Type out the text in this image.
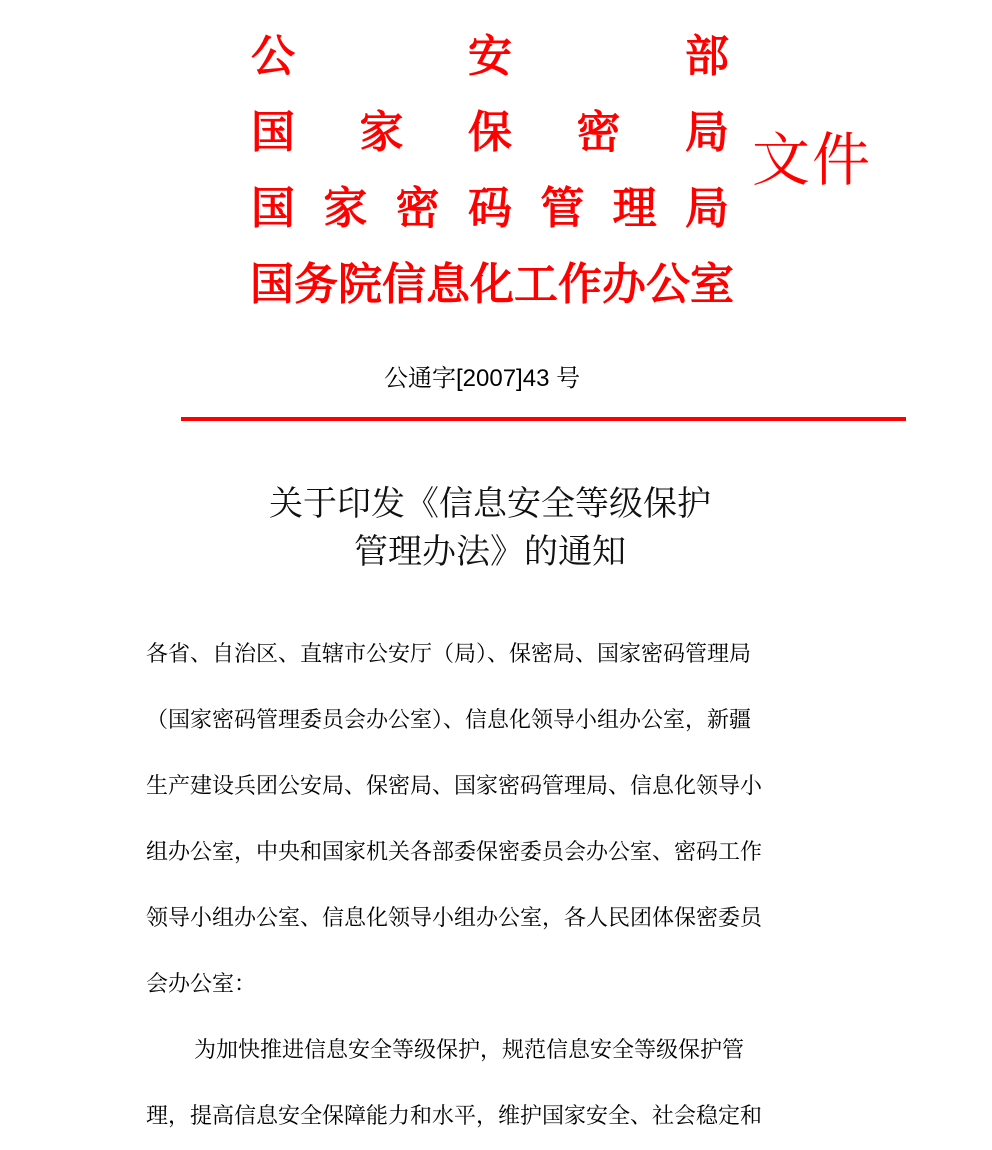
公	安	部
国 家 保 密 局
国 家 密 码 管 理 局
国 务 院 信 息 化 工 作 办 公 室
文件
公通字[2007]43 号
关于印发《信息安全等级保护
管理办法》的通知
各省、自治区、直辖市公安厅（局）、保密局、国家密码管理局
（国家密码管理委员会办公室）、信息化领导小组办公室，新疆
生产建设兵团公安局、保密局、国家密码管理局、信息化领导小
组办公室，中央和国家机关各部委保密委员会办公室、密码工作
领导小组办公室、信息化领导小组办公室，各人民团体保密委员
会办公室：
为加快推进信息安全等级保护，规范信息安全等级保护管
理，提高信息安全保障能力和水平，维护国家安全、社会稳定和
